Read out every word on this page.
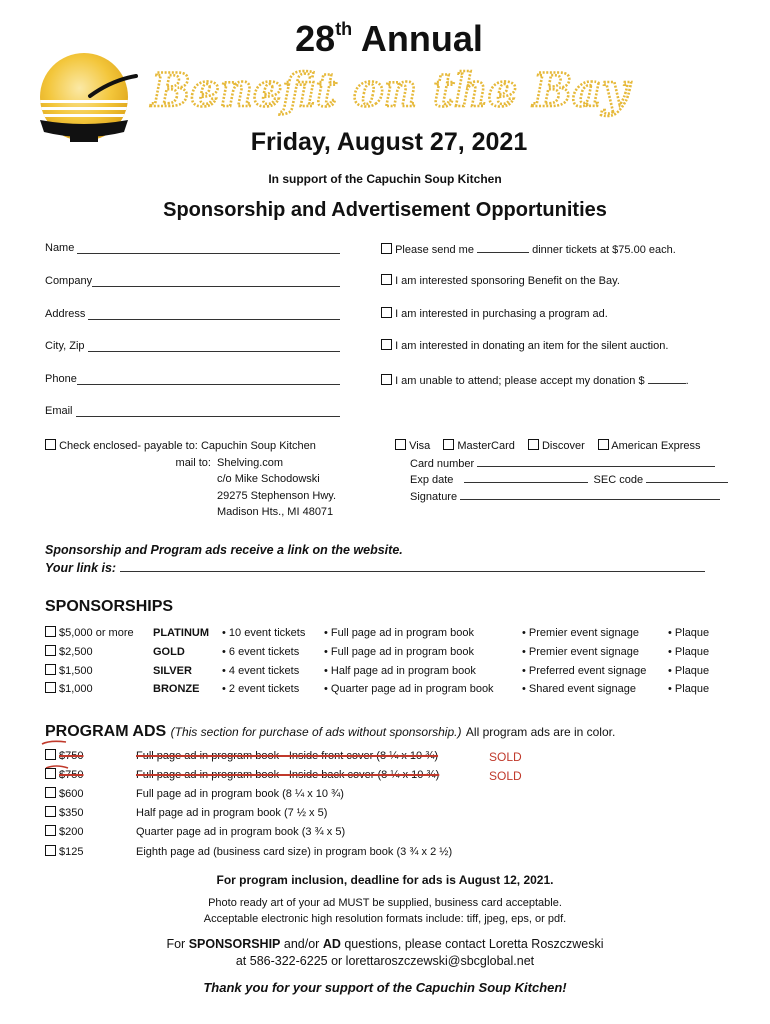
28th Annual
Benefit on the Bay
Friday, August 27, 2021
In support of the Capuchin Soup Kitchen
Sponsorship and Advertisement Opportunities
Name
Company
Address
City, Zip
Phone
Email
Please send me	dinner tickets at $75.00 each.
I am interested sponsoring Benefit on the Bay.
I am interested in purchasing a program ad.
I am interested in donating an item for the silent auction.
I am unable to attend; please accept my donation $	.
Check enclosed- payable to: Capuchin Soup Kitchen
mail to: Shelving.com
c/o Mike Schodowski
29275 Stephenson Hwy.
Madison Hts., MI 48071
Visa MasterCard Discover American Express
Card number
Exp date	SEC code
Signature
Sponsorship and Program ads receive a link on the website.
Your link is:
SPONSORSHIPS
$5,000 or more PLATINUM • 10 event tickets • Full page ad in program book	• Premier event signage	• Plaque
$2,500	GOLD	• 6 event tickets • Full page ad in program book	• Premier event signage	• Plaque
$1,500	SILVER	• 4 event tickets • Half page ad in program book	• Preferred event signage • Plaque
$1,000	BRONZE • 2 event tickets • Quarter page ad in program book	• Shared event signage	• Plaque
PROGRAM ADS (This section for purchase of ads without sponsorship.) All program ads are in color.
$750	Full page ad in program book - Inside front cover (8 ¼ x 10 ¾)	SOLD
$750	Full page ad in program book - Inside back cover (8 ¼ x 10 ¾)	SOLD
$600	Full page ad in program book (8 ¼ x 10 ¾)
$350	Half page ad in program book (7 ½ x 5)
$200	Quarter page ad in program book (3 ¾ x 5)
$125	Eighth page ad (business card size) in program book (3 ¾ x 2 ½)
For program inclusion, deadline for ads is August 12, 2021.
Photo ready art of your ad MUST be supplied, business card acceptable.
Acceptable electronic high resolution formats include: tiff, jpeg, eps, or pdf.
For SPONSORSHIP and/or AD questions, please contact Loretta Roszczweski
at 586-322-6225 or lorettaroszczewski@sbcglobal.net
Thank you for your support of the Capuchin Soup Kitchen!
